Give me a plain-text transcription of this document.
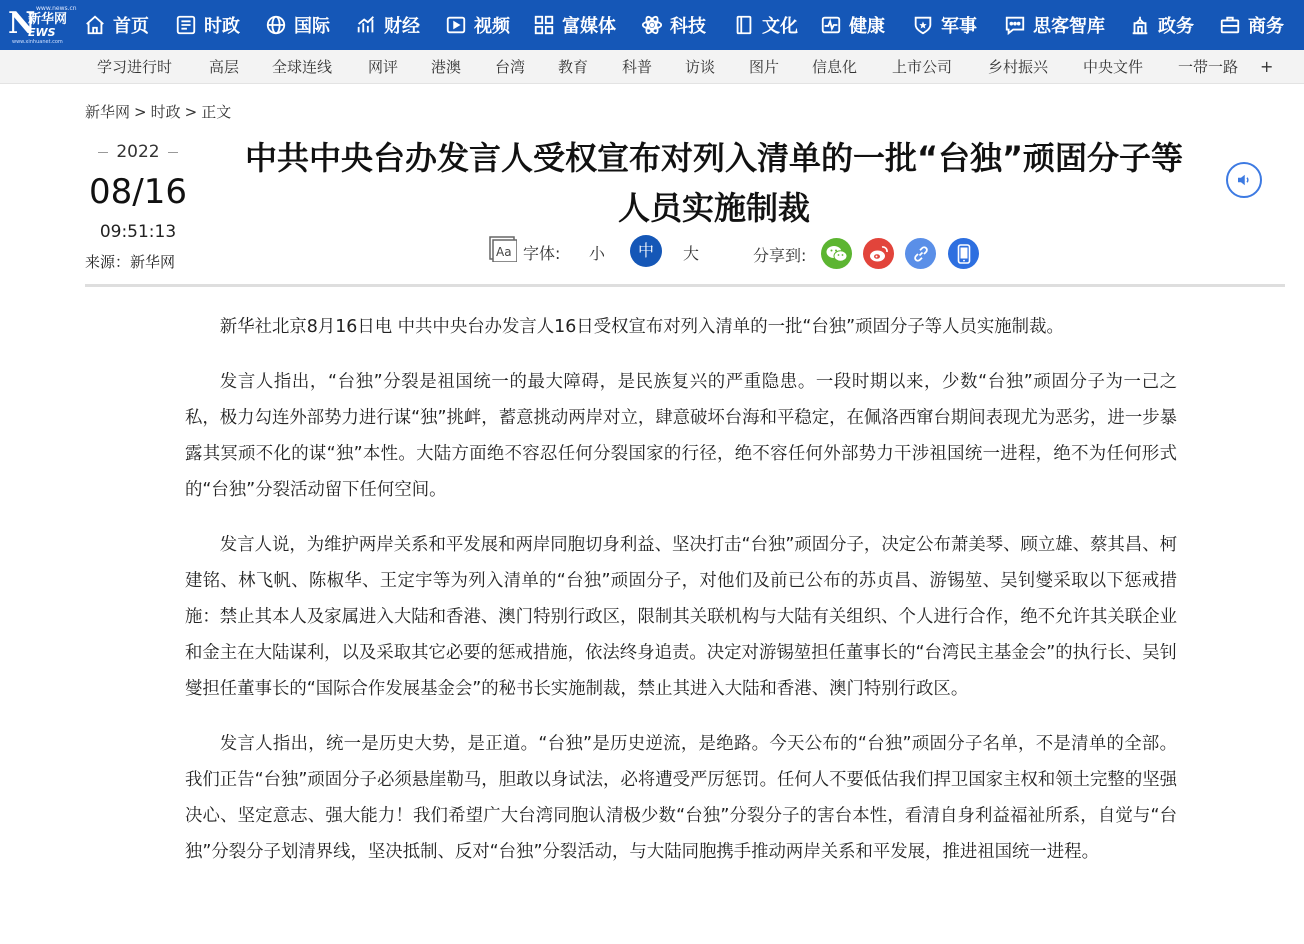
www.news.cn
N
新华网
EWS
www.xinhuanet.com
首页	时政	国际	财经	视频	富媒体	科技	文化	健康	军事	思客智库	政务	商务
学习进行时 高层 全球连线 网评 港澳 台湾 教育 科普 访谈 图片 信息化 上市公司 乡村振兴 中央文件 一带一路 +
新华网 > 时政 > 正文
2022
08/16
09:51:13
来源：新华网
中共中央台办发言人受权宣布对列入清单的一批“台独”顽固分子等
人员实施制裁
Aa 字体: 小	中	大	分享到:

新华社北京8月16日电 中共中央台办发言人16日受权宣布对列入清单的一批“台独”顽固分子等人员实施制裁。

发言人指出，“台独”分裂是祖国统一的最大障碍，是民族复兴的严重隐患。一段时期以来，少数“台独”顽固分子为一己之私，极力勾连外部势力进行谋“独”挑衅，蓄意挑动两岸对立，肆意破坏台海和平稳定，在佩洛西窜台期间表现尤为恶劣，进一步暴露其冥顽不化的谋“独”本性。大陆方面绝不容忍任何分裂国家的行径，绝不容任何外部势力干涉祖国统一进程，绝不为任何形式的“台独”分裂活动留下任何空间。

发言人说，为维护两岸关系和平发展和两岸同胞切身利益、坚决打击“台独”顽固分子，决定公布萧美琴、顾立雄、蔡其昌、柯建铭、林飞帆、陈椒华、王定宇等为列入清单的“台独”顽固分子，对他们及前已公布的苏贞昌、游锡堃、吴钊燮采取以下惩戒措施：禁止其本人及家属进入大陆和香港、澳门特别行政区，限制其关联机构与大陆有关组织、个人进行合作，绝不允许其关联企业和金主在大陆谋利，以及采取其它必要的惩戒措施，依法终身追责。决定对游锡堃担任董事长的“台湾民主基金会”的执行长、吴钊燮担任董事长的“国际合作发展基金会”的秘书长实施制裁，禁止其进入大陆和香港、澳门特别行政区。

发言人指出，统一是历史大势，是正道。“台独”是历史逆流，是绝路。今天公布的“台独”顽固分子名单，不是清单的全部。我们正告“台独”顽固分子必须悬崖勒马，胆敢以身试法，必将遭受严厉惩罚。任何人不要低估我们捍卫国家主权和领土完整的坚强决心、坚定意志、强大能力！我们希望广大台湾同胞认清极少数“台独”分裂分子的害台本性，看清自身利益福祉所系，自觉与“台独”分裂分子划清界线，坚决抵制、反对“台独”分裂活动，与大陆同胞携手推动两岸关系和平发展，推进祖国统一进程。
